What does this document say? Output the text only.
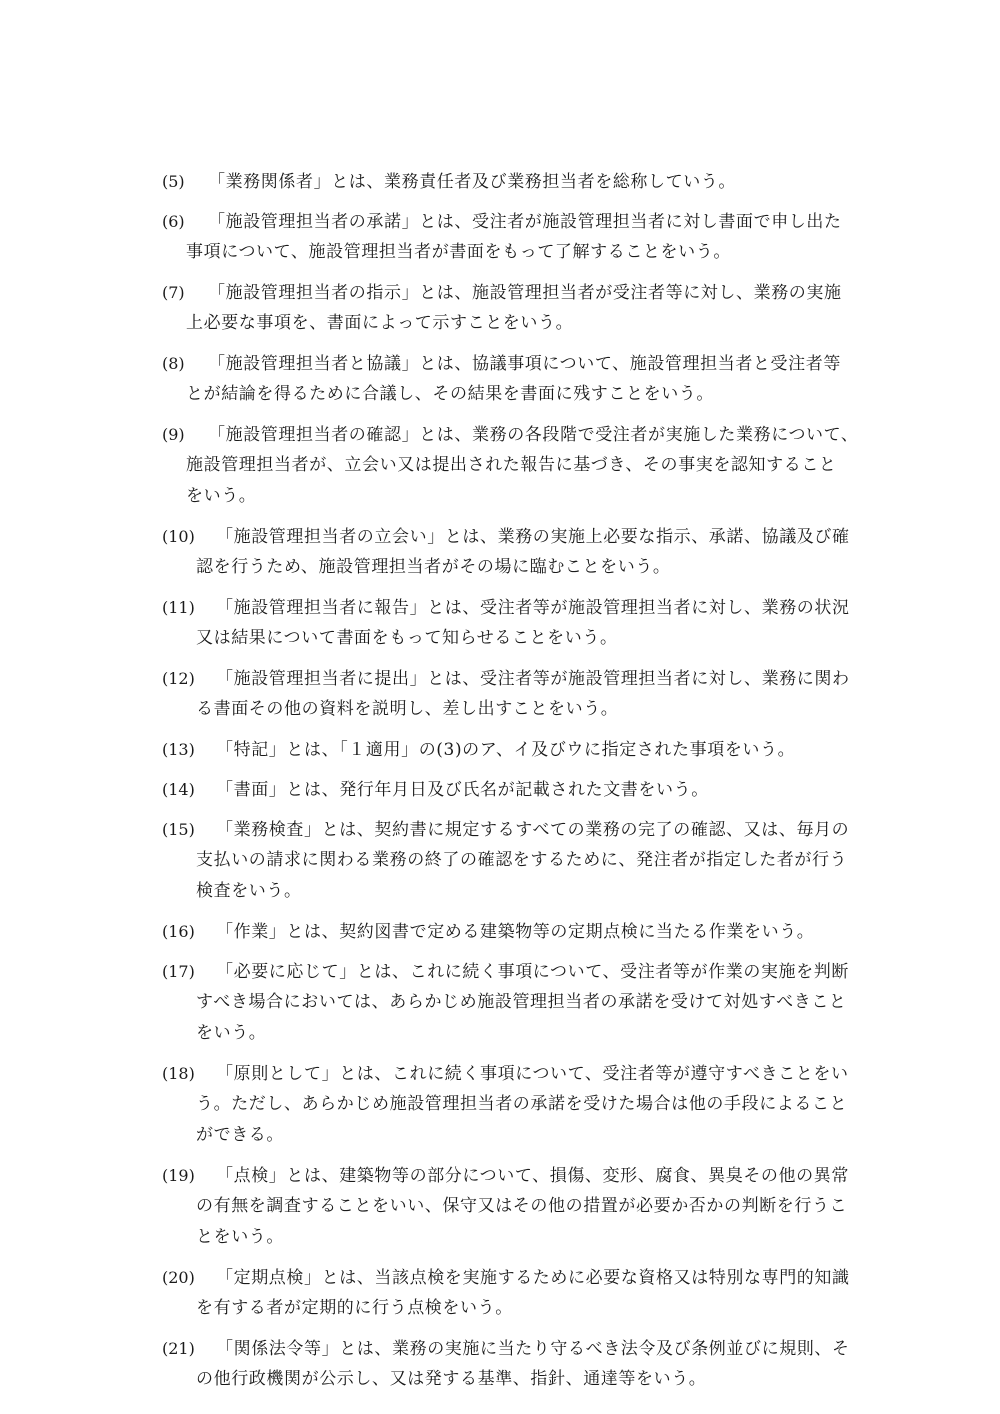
(5) 「業務関係者」とは、業務責任者及び業務担当者を総称していう。
(6) 「施設管理担当者の承諾」とは、受注者が施設管理担当者に対し書面で申し出た
事項について、施設管理担当者が書面をもって了解することをいう。
(7) 「施設管理担当者の指示」とは、施設管理担当者が受注者等に対し、業務の実施
上必要な事項を、書面によって示すことをいう。
(8) 「施設管理担当者と協議」とは、協議事項について、施設管理担当者と受注者等
とが結論を得るために合議し、その結果を書面に残すことをいう。
(9) 「施設管理担当者の確認」とは、業務の各段階で受注者が実施した業務について、
施設管理担当者が、立会い又は提出された報告に基づき、その事実を認知すること
をいう。
(10) 「施設管理担当者の立会い」とは、業務の実施上必要な指示、承諾、協議及び確
認を行うため、施設管理担当者がその場に臨むことをいう。
(11) 「施設管理担当者に報告」とは、受注者等が施設管理担当者に対し、業務の状況
又は結果について書面をもって知らせることをいう。
(12) 「施設管理担当者に提出」とは、受注者等が施設管理担当者に対し、業務に関わ
る書面その他の資料を説明し、差し出すことをいう。
(13) 「特記」とは、「１適用」の(3)のア、イ及びウに指定された事項をいう。
(14) 「書面」とは、発行年月日及び氏名が記載された文書をいう。
(15) 「業務検査」とは、契約書に規定するすべての業務の完了の確認、又は、毎月の
支払いの請求に関わる業務の終了の確認をするために、発注者が指定した者が行う
検査をいう。
(16) 「作業」とは、契約図書で定める建築物等の定期点検に当たる作業をいう。
(17) 「必要に応じて」とは、これに続く事項について、受注者等が作業の実施を判断
すべき場合においては、あらかじめ施設管理担当者の承諾を受けて対処すべきこと
をいう。
(18) 「原則として」とは、これに続く事項について、受注者等が遵守すべきことをい
う。ただし、あらかじめ施設管理担当者の承諾を受けた場合は他の手段によること
ができる。
(19) 「点検」とは、建築物等の部分について、損傷、変形、腐食、異臭その他の異常
の有無を調査することをいい、保守又はその他の措置が必要か否かの判断を行うこ
とをいう。
(20) 「定期点検」とは、当該点検を実施するために必要な資格又は特別な専門的知識
を有する者が定期的に行う点検をいう。
(21) 「関係法令等」とは、業務の実施に当たり守るべき法令及び条例並びに規則、そ
の他行政機関が公示し、又は発する基準、指針、通達等をいう。
